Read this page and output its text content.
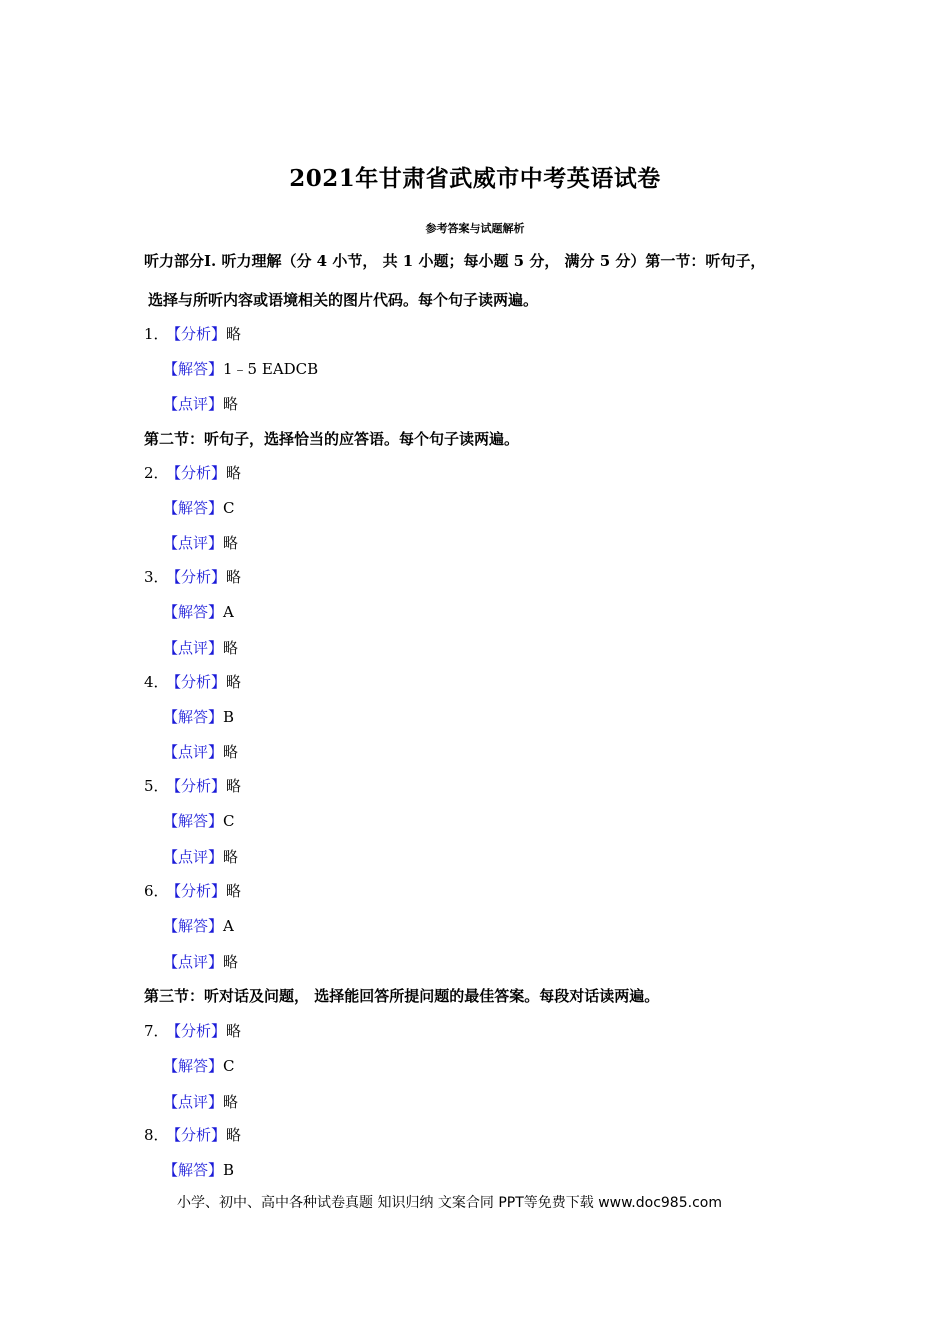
2021年甘肃省武威市中考英语试卷
参考答案与试题解析
听力部分Ⅰ. 听力理解（分 4 小节， 共 1 小题；每小题 5 分， 满分 5 分）第一节：听句子，
选择与所听内容或语境相关的图片代码。每个句子读两遍。
1．【分析】略
【解答】1﹣5 EADCB
【点评】略
第二节：听句子，选择恰当的应答语。每个句子读两遍。
2．【分析】略
【解答】C
【点评】略
3．【分析】略
【解答】A
【点评】略
4．【分析】略
【解答】B
【点评】略
5．【分析】略
【解答】C
【点评】略
6．【分析】略
【解答】A
【点评】略
第三节：听对话及问题， 选择能回答所提问题的最佳答案。每段对话读两遍。
7．【分析】略
【解答】C
【点评】略
8．【分析】略
【解答】B
小学、初中、高中各种试卷真题 知识归纳 文案合同 PPT等免费下载 www.doc985.com
